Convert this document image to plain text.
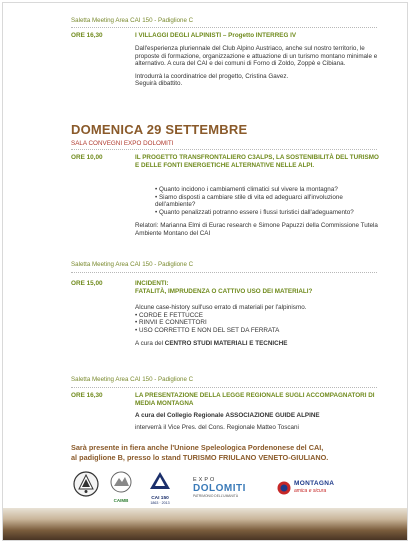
Saletta Meeting Area CAI 150 - Padiglione C
ORE 16,30	I VILLAGGI DEGLI ALPINISTI – Progetto INTERREG IV

Dall'esperienza pluriennale del Club Alpino Austriaco, anche sul nostro territorio, le proposte di formazione, organizzazione e attuazione di un turismo montano minimale e alternativo. A cura del CAI e dei comuni di Forno di Zoldo, Zoppè e Cibiana.

Introdurrà la coordinatrice del progetto, Cristina Gavez.

Seguirà dibattito.

DOMENICA 29 SETTEMBRE
SALA CONVEGNI EXPO DOLOMITI
ORE 10,00	IL PROGETTO TRANSFRONTALIERO C3ALPS, LA SOSTENIBILITÀ DEL TURISMO E DELLE FONTI ENERGETICHE ALTERNATIVE NELLE ALPI.
• Quanto incidono i cambiamenti climatici sul vivere la montagna?
• Siamo disposti a cambiare stile di vita ed adeguarci all'involuzione dell'ambiente?
• Quanto penalizzati potranno essere i flussi turistici dall'adeguamento?

Relatori: Marianna Elmi di Eurac research e Simone Papuzzi della Commissione Tutela Ambiente Montano del CAI

Saletta Meeting Area CAI 150 - Padiglione C
ORE 15,00	INCIDENTI:
FATALITÀ, IMPRUDENZA O CATTIVO USO DEI MATERIALI?

Alcune case-history sull'uso errato di materiali per l'alpinismo.

• CORDE E FETTUCCE
• RINVII E CONNETTORI
• USO CORRETTO E NON DEL SET DA FERRATA

A cura del CENTRO STUDI MATERIALI E TECNICHE

Saletta Meeting Area CAI 150 - Padiglione C
ORE 16,30	LA PRESENTAZIONE DELLA LEGGE REGIONALE SUGLI ACCOMPAGNATORI DI MEDIA MONTAGNA

A cura del Collegio Regionale ASSOCIAZIONE GUIDE ALPINE

interverrà il Vice Pres. del Cons. Regionale Matteo Toscani

Sarà presente in fiera anche l'Unione Speleologica Pordenonese del CAI,
al padiglione B, presso lo stand TURISMO FRIULANO VENETO-GIULIANO.
CAIMB	CAI 150
1863 · 2013
EXPO
DOLOMITI
PATRIMONIO DELL'UMANITÀ
MONTAGNA
amica e sicura
